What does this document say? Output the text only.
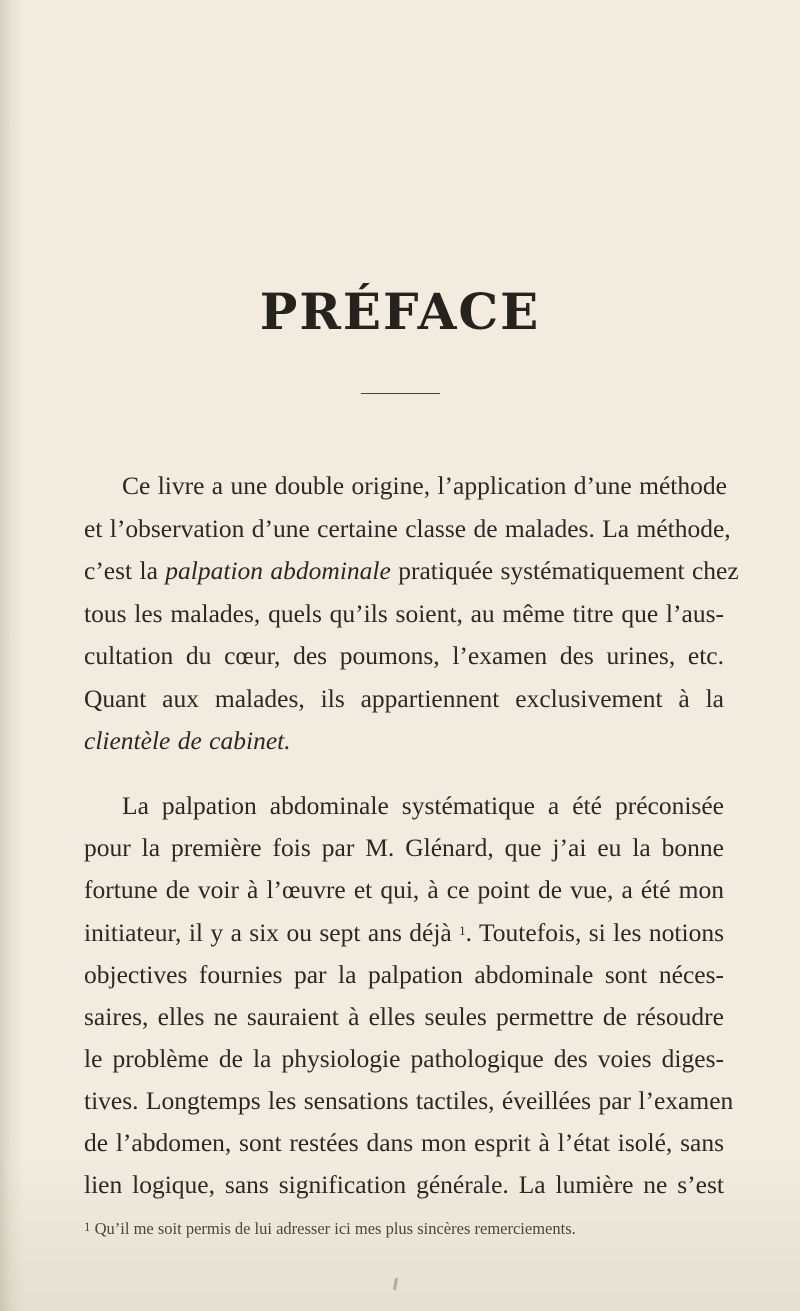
PRÉFACE

Ce livre a une double origine, l’application d’une méthode

et l’observation d’une certaine classe de malades. La méthode,

c’est la palpation abdominale pratiquée systématiquement chez

tous les malades, quels qu’ils soient, au même titre que l’aus-

cultation du cœur, des poumons, l’examen des urines, etc.

Quant aux malades, ils appartiennent exclusivement à la

clientèle de cabinet.

La palpation abdominale systématique a été préconisée

pour la première fois par M. Glénard, que j’ai eu la bonne

fortune de voir à l’œuvre et qui, à ce point de vue, a été mon

initiateur, il y a six ou sept ans déjà $^1$. Toutefois, si les notions

objectives fournies par la palpation abdominale sont néces-

saires, elles ne sauraient à elles seules permettre de résoudre

le problème de la physiologie pathologique des voies diges-

tives. Longtemps les sensations tactiles, éveillées par l’examen

de l’abdomen, sont restées dans mon esprit à l’état isolé, sans

lien logique, sans signification générale. La lumière ne s’est

$^1$ Qu’il me soit permis de lui adresser ici mes plus sincères remerciements.
